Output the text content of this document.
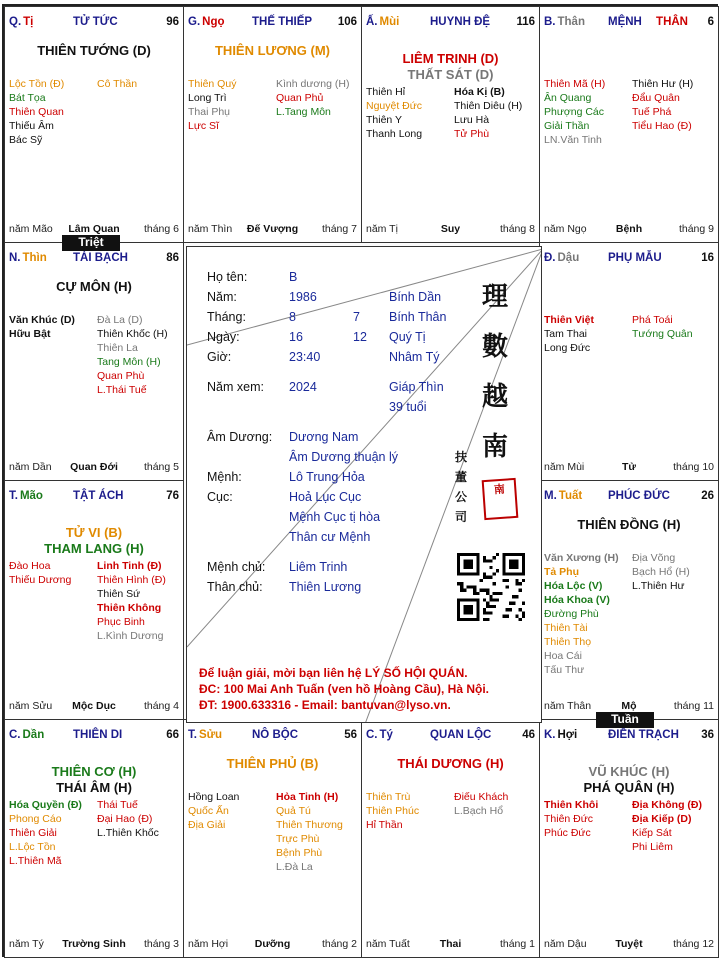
Q. Tị	TỬ TỨC	96
THIÊN TƯỚNG (D)
Lộc Tồn (Đ)
Bát Tọa
Thiên Quan
Thiếu Âm
Bác Sỹ
Cô Thần
năm Mão	Lâm Quan	tháng 6
G. Ngọ THẾ THIẾP 106
THIÊN LƯƠNG (M)
Thiên Quý
Long Trì
Thai Phụ
Lực Sĩ
Kình dương (H)
Quan Phủ
L.Tang Môn
năm Thìn	Đế Vượng	tháng 7
Ấ. Mùi	HUYNH ĐỆ 116
LIÊM TRINH (D)
THẤT SÁT (D)
Thiên Hỉ
Nguyệt Đức
Thiên Y
Thanh Long
Hóa Kị (B)
Thiên Diêu (H)
Lưu Hà
Tử Phù
năm Tị	Suy	tháng 8
B. Thân MỆNH THÂN 6
Thiên Mã (H)
Ân Quang
Phượng Các
Giải Thần
LN.Văn Tinh
Thiên Hư (H)
Đẩu Quân
Tuế Phá
Tiểu Hao (Đ)
năm Ngọ	Bệnh	tháng 9
N. Thìn TÀI BẠCH	86
CỰ MÔN (H)
Văn Khúc (D)
Hữu Bật
Đà La (D)
Thiên Khốc (H)
Thiên La
Tang Môn (H)
Quan Phù
L.Thái Tuế
năm Dần	Quan Đới	tháng 5
Đ. Dậu	PHỤ MẪU	16
Thiên Việt
Tam Thai
Long Đức
Phá Toái
Tướng Quân
năm Mùi	Tử	tháng 10
T. Mão	TẬT ÁCH	76
TỬ VI (B)
THAM LANG (H)
Đào Hoa
Thiếu Dương
Linh Tinh (Đ)
Thiên Hình (Đ)
Thiên Sứ
Thiên Không
Phục Binh
L.Kình Dương
năm Sửu	Mộc Dục	tháng 4
M. Tuất PHÚC ĐỨC	26
THIÊN ĐỒNG (H)
Văn Xương (H)
Tả Phụ
Hóa Lộc (V)
Hóa Khoa (V)
Đường Phù
Thiên Tài
Thiên Thọ
Hoa Cái
Tấu Thư
Địa Võng
Bạch Hổ (H)
L.Thiên Hư
năm Thân	Mộ	tháng 11
C. Dần	THIÊN DI	66
THIÊN CƠ (H)
THÁI ÂM (H)
Hóa Quyền (Đ)
Phong Cáo
Thiên Giải
L.Lộc Tồn
L.Thiên Mã
Thái Tuế
Đại Hao (Đ)
L.Thiên Khốc
năm Tý	Trường Sinh	tháng 3
T. Sửu	NÔ BỘC	56
THIÊN PHỦ (B)
Hồng Loan
Quốc Ấn
Địa Giải
Hỏa Tinh (H)
Quả Tú
Thiên Thương
Trực Phù
Bệnh Phù
L.Đà La
năm Hợi	Dưỡng	tháng 2
C. Tý	QUAN LỘC	46
THÁI DƯƠNG (H)
Thiên Trù
Thiên Phúc
Hỉ Thần
Điếu Khách
L.Bạch Hổ
năm Tuất	Thai	tháng 1
K. Hợi	ĐIỀN TRẠCH 36
VŨ KHÚC (H)
PHÁ QUÂN (H)
Thiên Khôi
Thiên Đức
Phúc Đức
Địa Không (Đ)
Địa Kiếp (D)
Kiếp Sát
Phi Liêm
năm Dậu	Tuyệt	tháng 12
Họ tên:	B
Năm:	1986	Bính Dần
Tháng:	8	7 Bính Thân
Ngày:	16	12 Quý Tị
Giờ:	23:40	Nhâm Tý
Năm xem: 2024	Giáp Thìn
39 tuổi
Âm Dương: Dương Nam
Âm Dương thuận lý
Mệnh:	Lô Trung Hỏa
Cục:	Hoả Lục Cục
Mệnh Cục tị hòa
Thân cư Mệnh
Mệnh chủ: Liêm Trinh
Thân chủ: Thiên Lương
理
數
越
南
扶
董
公
司
南
Để luận giải, mời bạn liên hệ LÝ SỐ HỘI QUÁN.
ĐC: 100 Mai Anh Tuấn (ven hồ Hoàng Cầu), Hà Nội.
ĐT: 1900.633316 - Email: bantuvan@lyso.vn.
Triệt
Tuần
